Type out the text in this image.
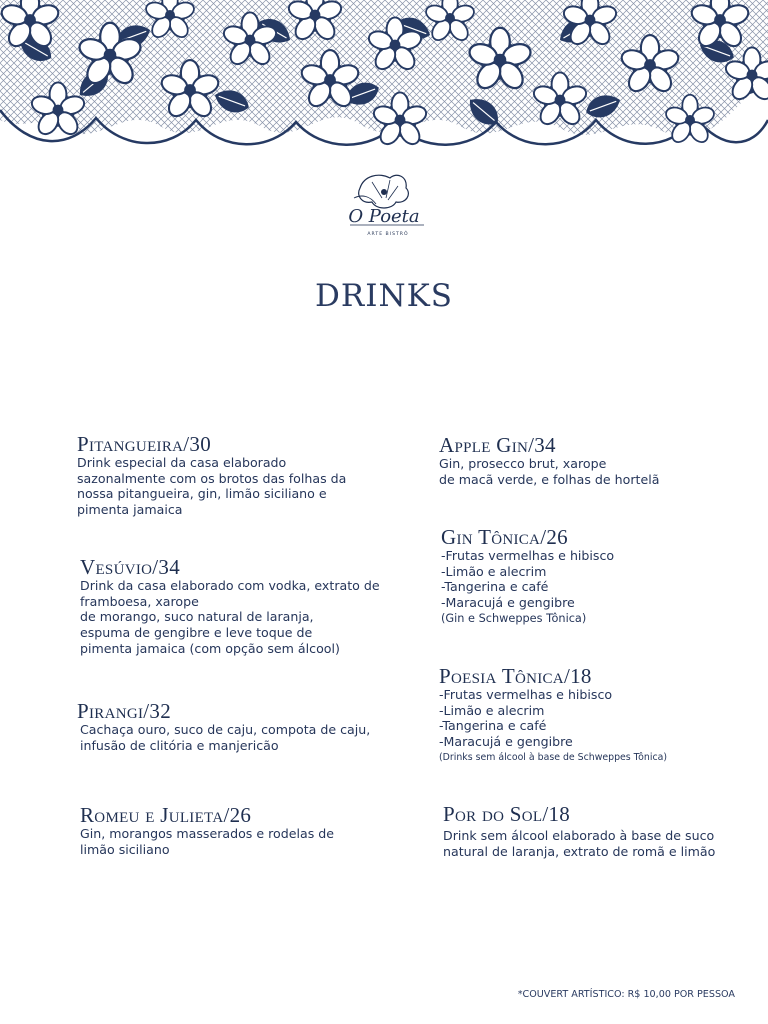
O Poeta
ARTE BISTRÔ
DRINKS
Pitangueira/30

Drink especial da casa elaborado
sazonalmente com os brotos das folhas da
nossa pitangueira, gin, limão siciliano e
pimenta jamaica

Vesúvio/34

Drink da casa elaborado com vodka, extrato de
framboesa, xarope
de morango, suco natural de laranja,
espuma de gengibre e leve toque de
pimenta jamaica (com opção sem álcool)

Pirangi/32

Cachaça ouro, suco de caju, compota de caju,
infusão de clitória e manjericão

Romeu e Julieta/26

Gin, morangos masserados e rodelas de
limão siciliano

Apple Gin/34

Gin, prosecco brut, xarope
de macã verde, e folhas de hortelã

Gin Tônica/26

-Frutas vermelhas e hibisco
-Limão e alecrim
-Tangerina e café
-Maracujá e gengibre

(Gin e Schweppes Tônica)

Poesia Tônica/18

-Frutas vermelhas e hibisco
-Limão e alecrim
-Tangerina e café
-Maracujá e gengibre

(Drinks sem álcool à base de Schweppes Tônica)

Por do Sol/18

Drink sem álcool elaborado à base de suco
natural de laranja, extrato de romã e limão

*COUVERT ARTÍSTICO: R$ 10,00 POR PESSOA
